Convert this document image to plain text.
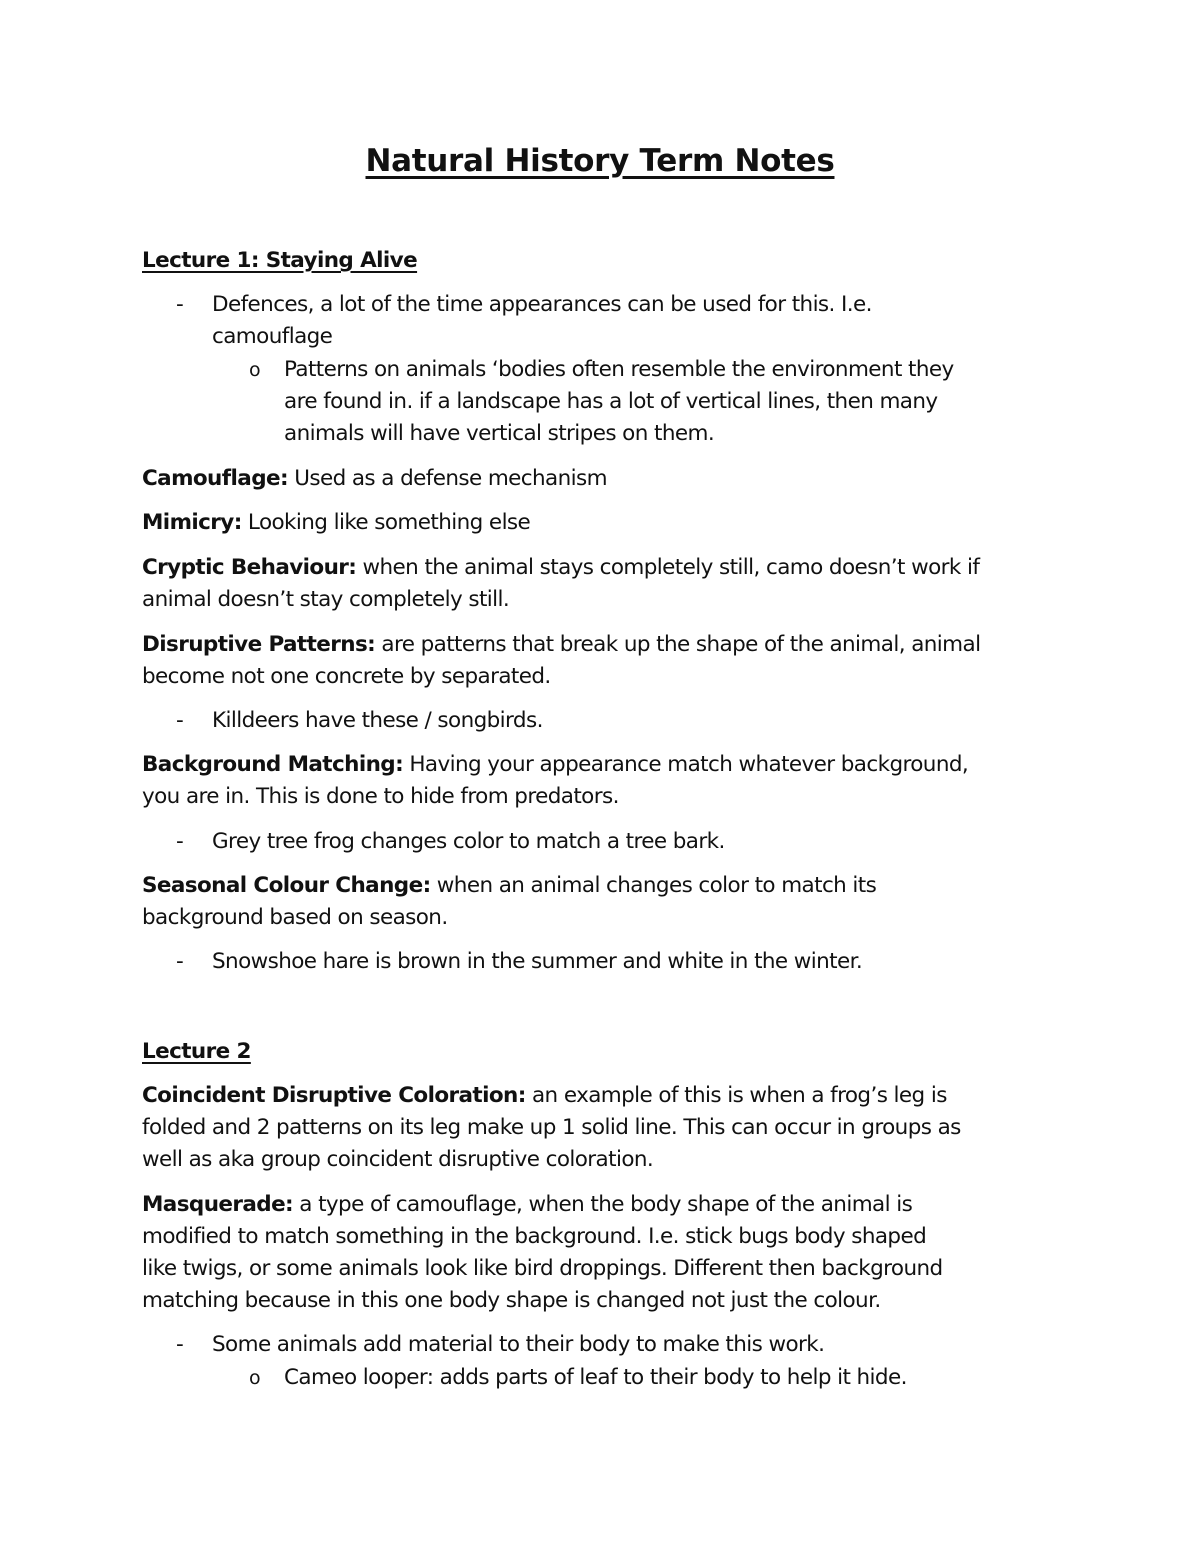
Natural History Term Notes
Lecture 1: Staying Alive
- Defences, a lot of the time appearances can be used for this. I.e.
camouflage
o Patterns on animals ‘bodies often resemble the environment they
are found in. if a landscape has a lot of vertical lines, then many
animals will have vertical stripes on them.
Camouflage: Used as a defense mechanism
Mimicry: Looking like something else
Cryptic Behaviour: when the animal stays completely still, camo doesn’t work if
animal doesn’t stay completely still.
Disruptive Patterns: are patterns that break up the shape of the animal, animal
become not one concrete by separated.
- Killdeers have these / songbirds.
Background Matching: Having your appearance match whatever background,
you are in. This is done to hide from predators.
- Grey tree frog changes color to match a tree bark.
Seasonal Colour Change: when an animal changes color to match its
background based on season.
- Snowshoe hare is brown in the summer and white in the winter.
Lecture 2
Coincident Disruptive Coloration: an example of this is when a frog’s leg is
folded and 2 patterns on its leg make up 1 solid line. This can occur in groups as
well as aka group coincident disruptive coloration.
Masquerade: a type of camouflage, when the body shape of the animal is
modified to match something in the background. I.e. stick bugs body shaped
like twigs, or some animals look like bird droppings. Different then background
matching because in this one body shape is changed not just the colour.
- Some animals add material to their body to make this work.
o Cameo looper: adds parts of leaf to their body to help it hide.
